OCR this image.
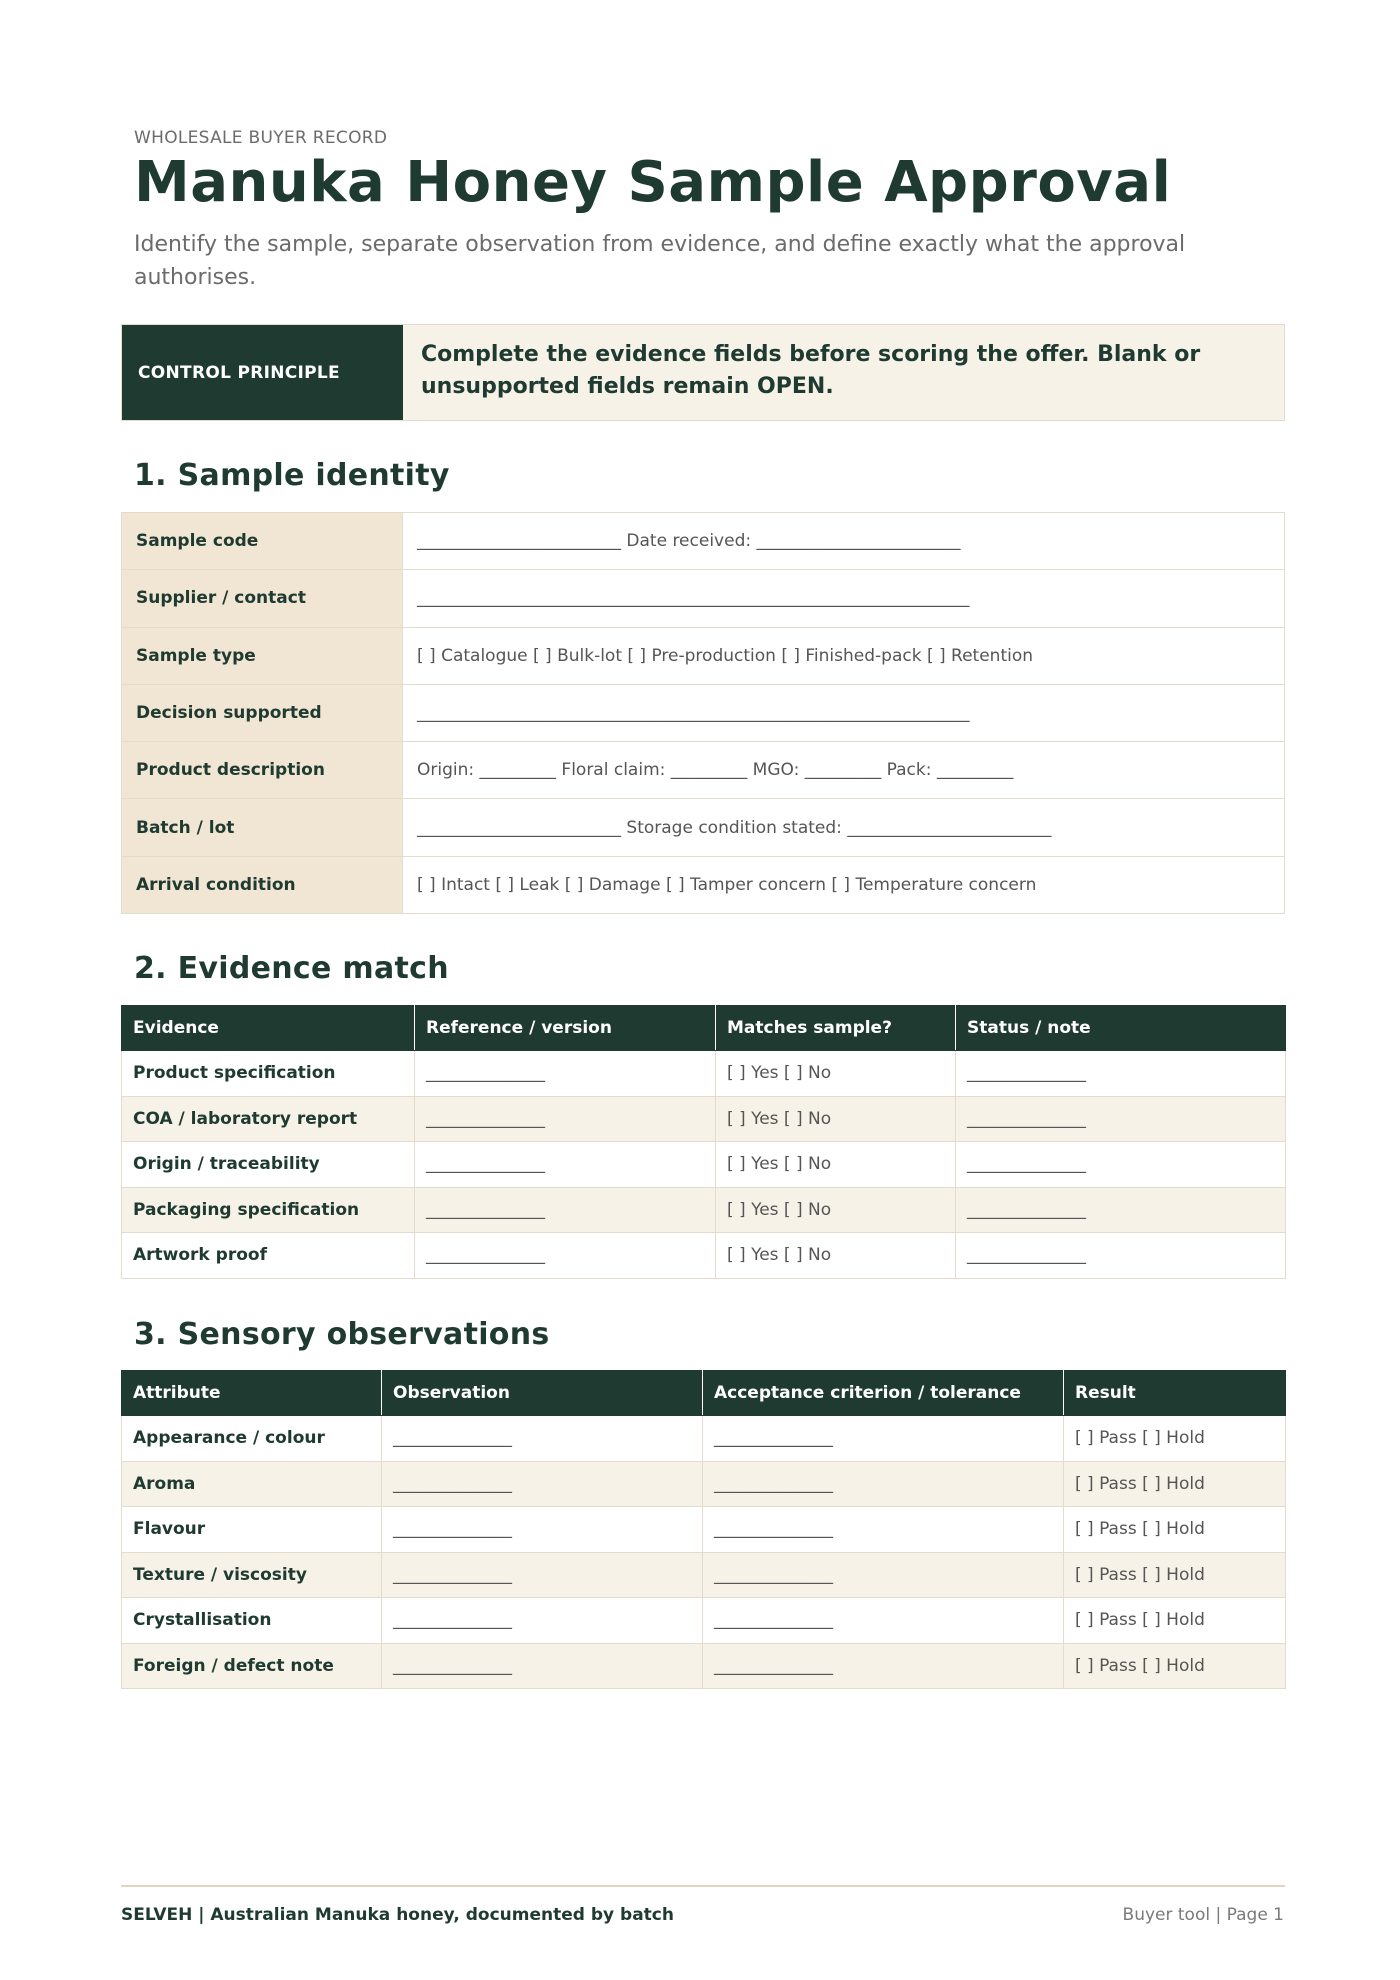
WHOLESALE BUYER RECORD
Manuka Honey Sample Approval
Identify the sample, separate observation from evidence, and define exactly what the approval authorises.
CONTROL PRINCIPLE
Complete the evidence fields before scoring the offer. Blank or unsupported fields remain OPEN.
1. Sample identity
Sample code	________________________ Date received: ________________________
Supplier / contact	_________________________________________________________________
Sample type	[ ] Catalogue [ ] Bulk-lot [ ] Pre-production [ ] Finished-pack [ ] Retention
Decision supported	_________________________________________________________________
Product description	Origin: _________ Floral claim: _________ MGO: _________ Pack: _________
Batch / lot	________________________ Storage condition stated: ________________________
Arrival condition	[ ] Intact [ ] Leak [ ] Damage [ ] Tamper concern [ ] Temperature concern
2. Evidence match
Evidence	Reference / version	Matches sample?	Status / note
Product specification	______________	[ ] Yes [ ] No	______________
COA / laboratory report	______________	[ ] Yes [ ] No	______________
Origin / traceability	______________	[ ] Yes [ ] No	______________
Packaging specification	______________	[ ] Yes [ ] No	______________
Artwork proof	______________	[ ] Yes [ ] No	______________
3. Sensory observations
Attribute	Observation	Acceptance criterion / tolerance	Result
Appearance / colour	______________	______________	[ ] Pass [ ] Hold
Aroma	______________	______________	[ ] Pass [ ] Hold
Flavour	______________	______________	[ ] Pass [ ] Hold
Texture / viscosity	______________	______________	[ ] Pass [ ] Hold
Crystallisation	______________	______________	[ ] Pass [ ] Hold
Foreign / defect note	______________	______________	[ ] Pass [ ] Hold
SELVEH | Australian Manuka honey, documented by batch	Buyer tool | Page 1
